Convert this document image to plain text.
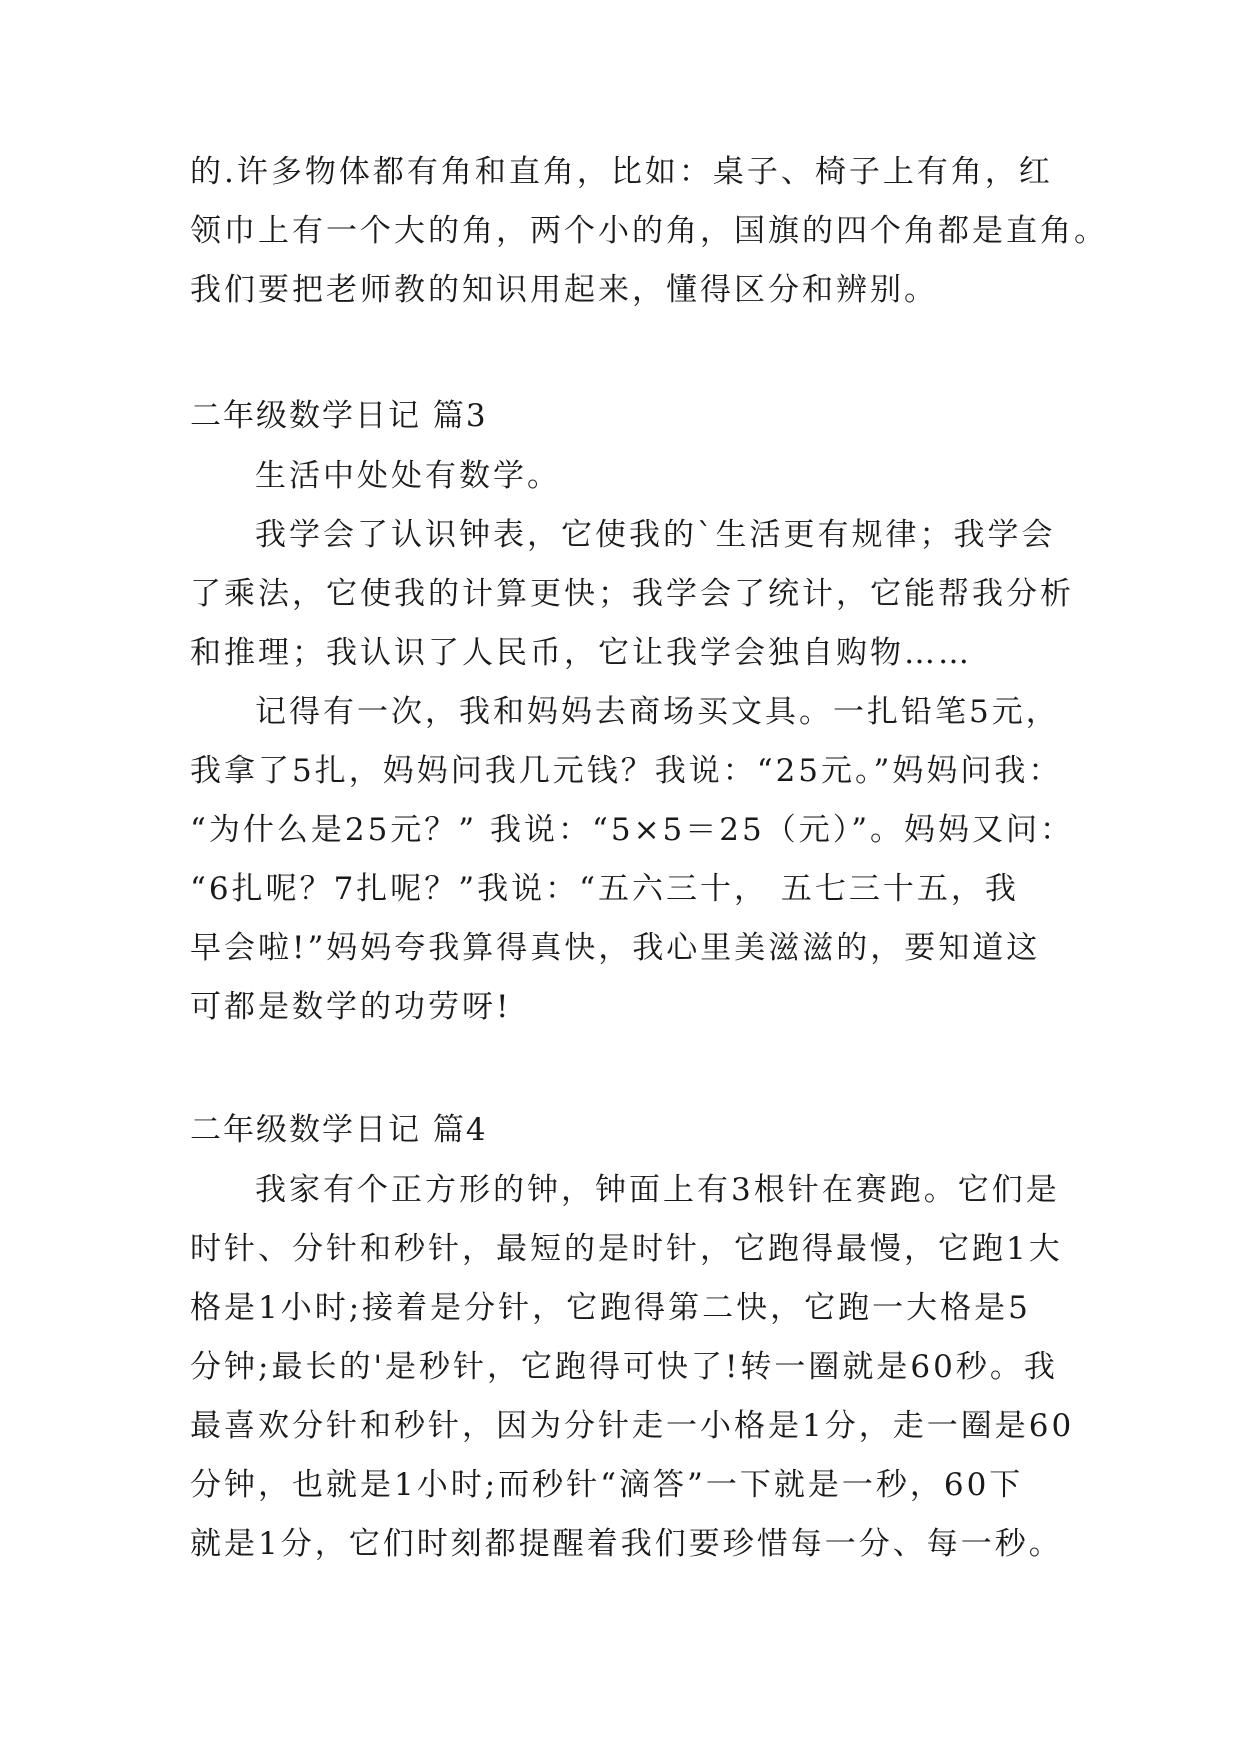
的.许多物体都有角和直角，比如：桌子、椅子上有角，红
领巾上有一个大的角，两个小的角，国旗的四个角都是直角。
我们要把老师教的知识用起来，懂得区分和辨别。
二年级数学日记 篇3
生活中处处有数学。
我学会了认识钟表，它使我的`生活更有规律；我学会
了乘法，它使我的计算更快；我学会了统计，它能帮我分析
和推理；我认识了人民币，它让我学会独自购物……
记得有一次，我和妈妈去商场买文具。一扎铅笔5元，
我拿了5扎，妈妈问我几元钱？我说：“25元。”妈妈问我：
“为什么是25元？” 我说：“5×5＝25（元）”。妈妈又问：
“6扎呢？7扎呢？”我说：“五六三十， 五七三十五，我
早会啦!”妈妈夸我算得真快，我心里美滋滋的，要知道这
可都是数学的功劳呀!
二年级数学日记 篇4
我家有个正方形的钟，钟面上有3根针在赛跑。它们是
时针、分针和秒针，最短的是时针，它跑得最慢，它跑1大
格是1小时;接着是分针，它跑得第二快，它跑一大格是5
分钟;最长的'是秒针，它跑得可快了!转一圈就是60秒。我
最喜欢分针和秒针，因为分针走一小格是1分，走一圈是60
分钟，也就是1小时;而秒针“滴答”一下就是一秒，60下
就是1分，它们时刻都提醒着我们要珍惜每一分、每一秒。
